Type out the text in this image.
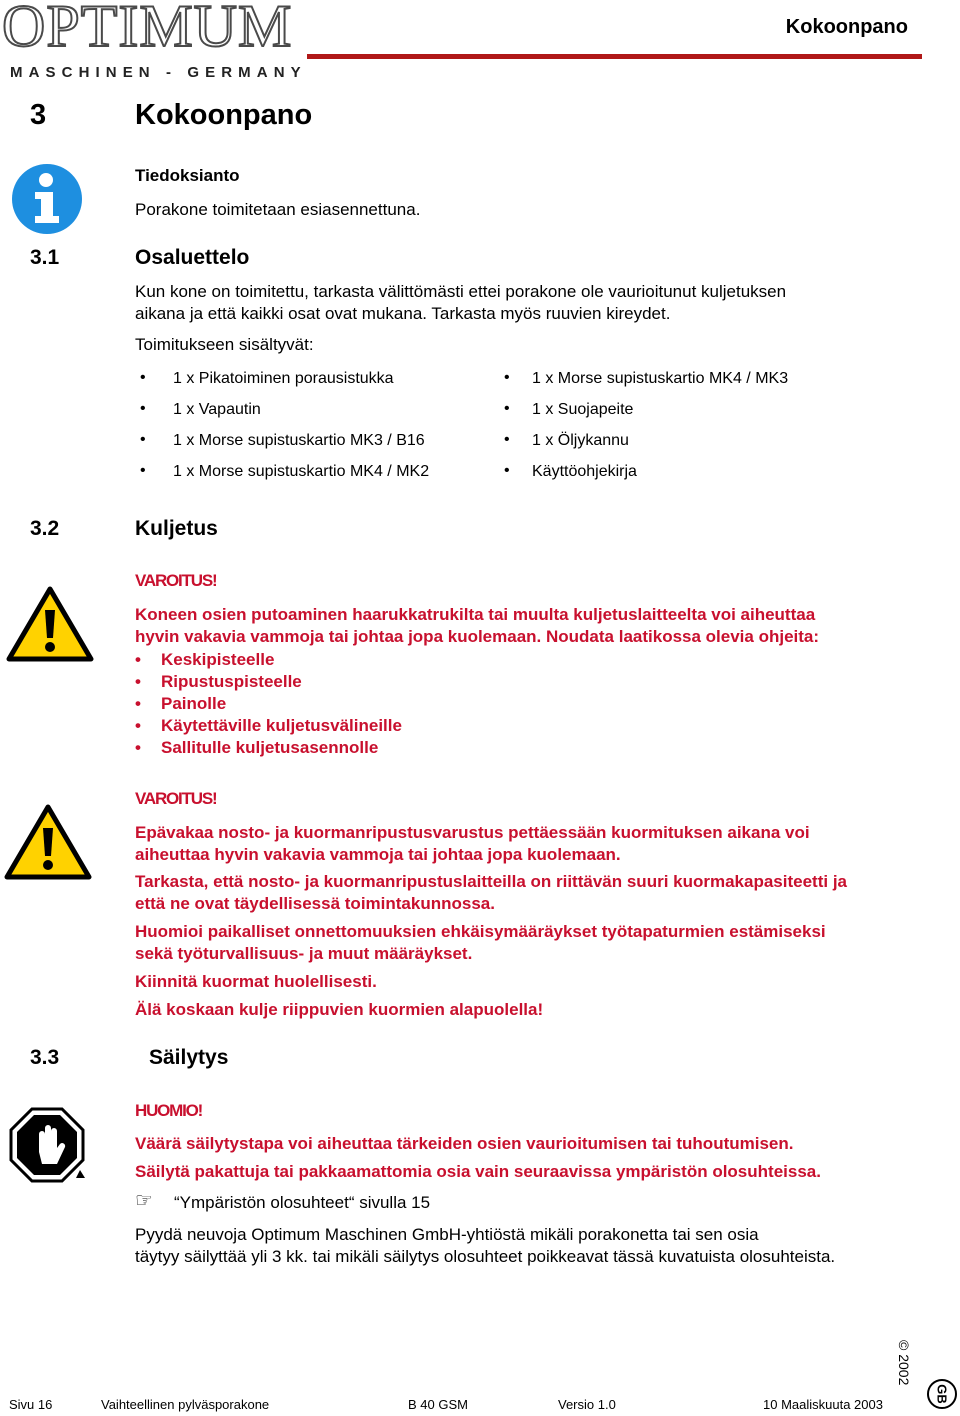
OPTIMUM
MASCHINEN - GERMANY
Kokoonpano
3	Kokoonpano
Tiedoksianto
Porakone toimitetaan esiasennettuna.
3.1	Osaluettelo
Kun kone on toimitettu, tarkasta välittömästi ettei porakone ole vaurioitunut kuljetuksen
aikana ja että kaikki osat ovat mukana. Tarkasta myös ruuvien kireydet.
Toimitukseen sisältyvät:
• 1 x Pikatoiminen porausistukka
• 1 x Vapautin
• 1 x Morse supistuskartio MK3 / B16
• 1 x Morse supistuskartio MK4 / MK2
• 1 x Morse supistuskartio MK4 / MK3
• 1 x Suojapeite
• 1 x Öljykannu
• Käyttöohjekirja
3.2	Kuljetus
VAROITUS!
Koneen osien putoaminen haarukkatrukilta tai muulta kuljetuslaitteelta voi aiheuttaa
hyvin vakavia vammoja tai johtaa jopa kuolemaan. Noudata laatikossa olevia ohjeita:
• Keskipisteelle
• Ripustuspisteelle
• Painolle
• Käytettäville kuljetusvälineille
• Sallitulle kuljetusasennolle
VAROITUS!
Epävakaa nosto- ja kuormanripustusvarustus pettäessään kuormituksen aikana voi
aiheuttaa hyvin vakavia vammoja tai johtaa jopa kuolemaan.
Tarkasta, että nosto- ja kuormanripustuslaitteilla on riittävän suuri kuormakapasiteetti ja
että ne ovat täydellisessä toimintakunnossa.
Huomioi paikalliset onnettomuuksien ehkäisymääräykset työtapaturmien estämiseksi
sekä työturvallisuus- ja muut määräykset.
Kiinnitä kuormat huolellisesti.
Älä koskaan kulje riippuvien kuormien alapuolella!
3.3	Säilytys
HUOMIO!
Väärä säilytystapa voi aiheuttaa tärkeiden osien vaurioitumisen tai tuhoutumisen.
Säilytä pakattuja tai pakkaamattomia osia vain seuraavissa ympäristön olosuhteissa.
☞ “Ympäristön olosuhteet“ sivulla 15
Pyydä neuvoja Optimum Maschinen GmbH-yhtiöstä mikäli porakonetta tai sen osia
täytyy säilyttää yli 3 kk. tai mikäli säilytys olosuhteet poikkeavat tässä kuvatuista olosuhteista.
© 2002
GB
Sivu 16	Vaihteellinen pylväsporakone	B 40 GSM	Versio 1.0	10 Maaliskuuta 2003
